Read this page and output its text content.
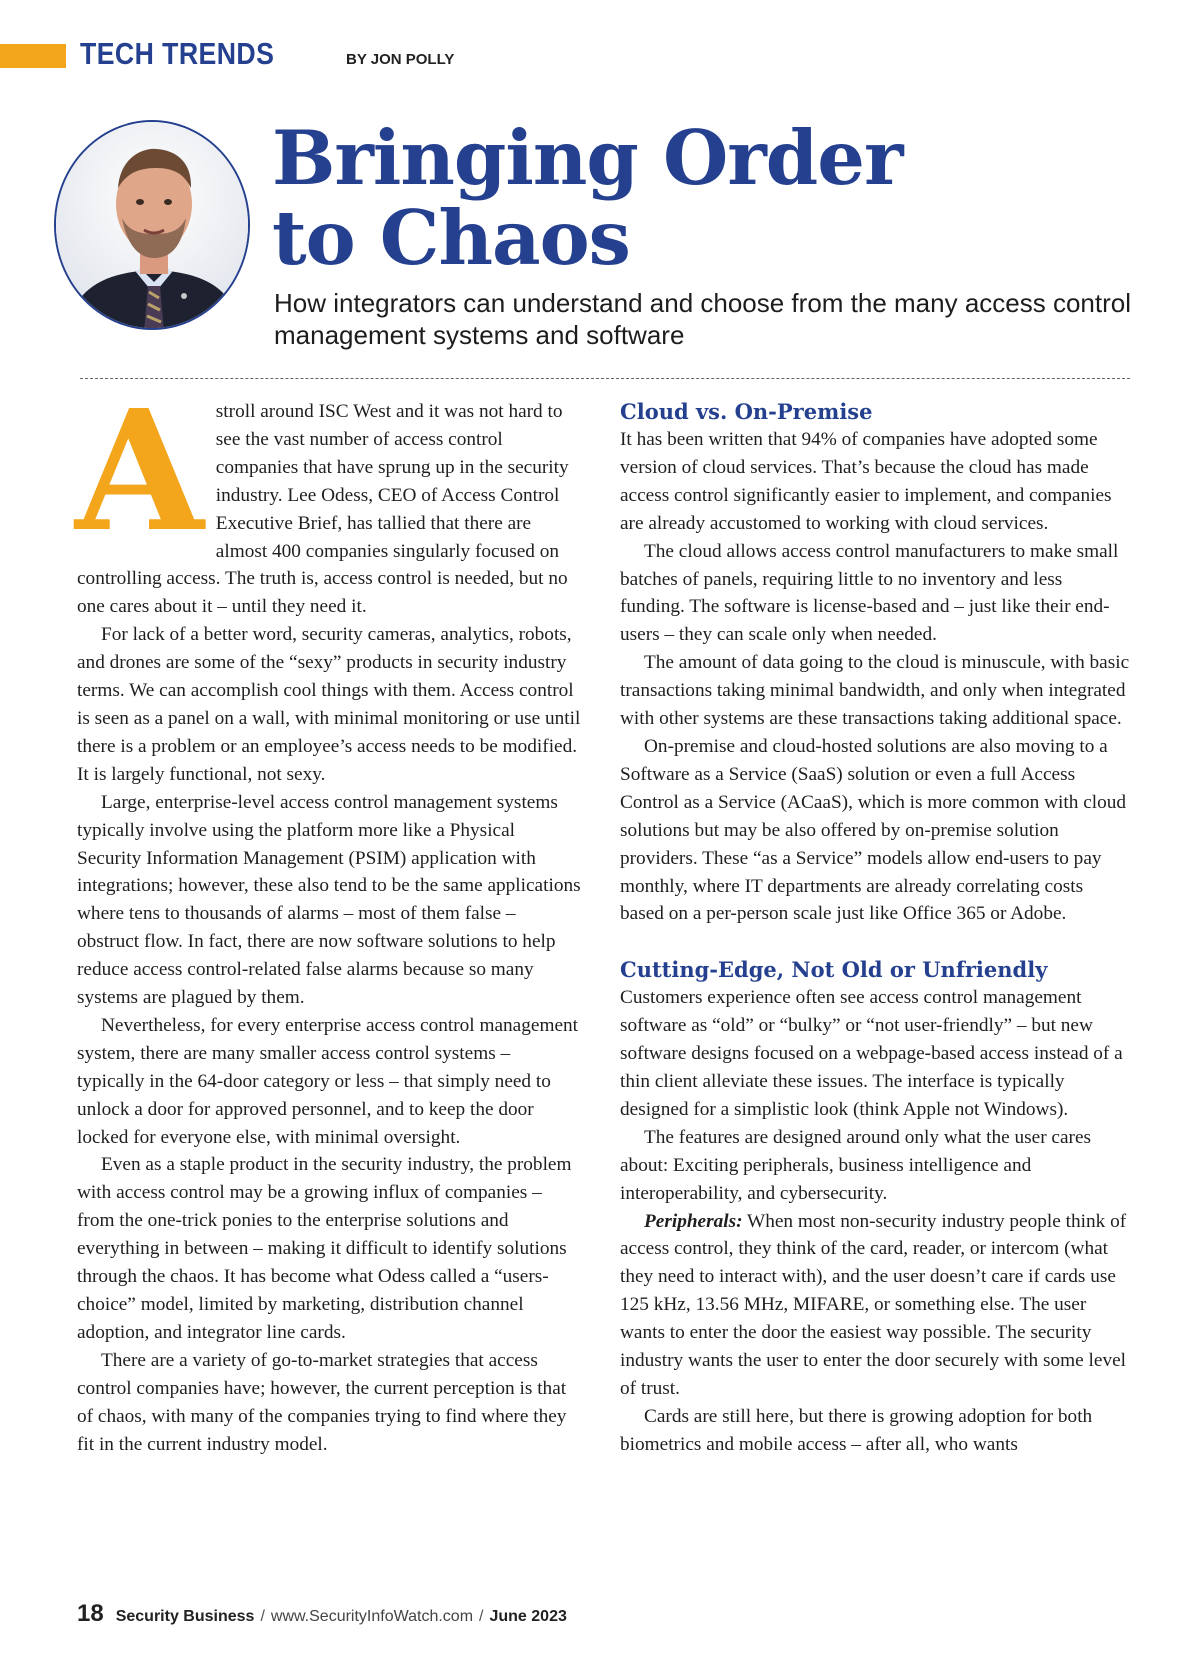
TECH TRENDS	BY JON POLLY
Bringing Order
to Chaos

How integrators can understand and choose from the many access control management systems and software

A stroll around ISC West and it was not hard to see the vast number of access control companies that have sprung up in the security industry. Lee Odess, CEO of Access Control Executive Brief, has tallied that there are almost 400 companies singularly focused on controlling access. The truth is, access control is needed, but no one cares about it – until they need it.

For lack of a better word, security cameras, analytics, robots, and drones are some of the “sexy” products in security industry terms. We can accomplish cool things with them. Access control is seen as a panel on a wall, with minimal monitoring or use until there is a problem or an employee’s access needs to be modified. It is largely functional, not sexy.

Large, enterprise-level access control management systems typically involve using the platform more like a Physical Security Information Management (PSIM) application with integrations; however, these also tend to be the same applications where tens to thousands of alarms – most of them false – obstruct flow. In fact, there are now software solutions to help reduce access control-related false alarms because so many systems are plagued by them.

Nevertheless, for every enterprise access control management system, there are many smaller access control systems – typically in the 64-door category or less – that simply need to unlock a door for approved personnel, and to keep the door locked for everyone else, with minimal oversight.

Even as a staple product in the security industry, the problem with access control may be a growing influx of companies – from the one-trick ponies to the enterprise solutions and everything in between – making it difficult to identify solutions through the chaos. It has become what Odess called a “users-choice” model, limited by marketing, distribution channel adoption, and integrator line cards.

There are a variety of go-to-market strategies that access control companies have; however, the current perception is that of chaos, with many of the companies trying to find where they fit in the current industry model.

Cloud vs. On-Premise

It has been written that 94% of companies have adopted some version of cloud services. That’s because the cloud has made access control significantly easier to implement, and companies are already accustomed to working with cloud services.

The cloud allows access control manufacturers to make small batches of panels, requiring little to no inventory and less funding. The software is license-based and – just like their end-users – they can scale only when needed.

The amount of data going to the cloud is minuscule, with basic transactions taking minimal bandwidth, and only when integrated with other systems are these transactions taking additional space.

On-premise and cloud-hosted solutions are also moving to a Software as a Service (SaaS) solution or even a full Access Control as a Service (ACaaS), which is more common with cloud solutions but may be also offered by on-premise solution providers. These “as a Service” models allow end-users to pay monthly, where IT departments are already correlating costs based on a per-person scale just like Office 365 or Adobe.

Cutting-Edge, Not Old or Unfriendly

Customers experience often see access control management software as “old” or “bulky” or “not user-friendly” – but new software designs focused on a webpage-based access instead of a thin client alleviate these issues. The interface is typically designed for a simplistic look (think Apple not Windows).

The features are designed around only what the user cares about: Exciting peripherals, business intelligence and interoperability, and cybersecurity.

Peripherals: When most non-security industry people think of access control, they think of the card, reader, or intercom (what they need to interact with), and the user doesn’t care if cards use 125 kHz, 13.56 MHz, MIFARE, or something else. The user wants to enter the door the easiest way possible. The security industry wants the user to enter the door securely with some level of trust.

Cards are still here, but there is growing adoption for both biometrics and mobile access – after all, who wants

18 Security Business / www.SecurityInfoWatch.com / June 2023
